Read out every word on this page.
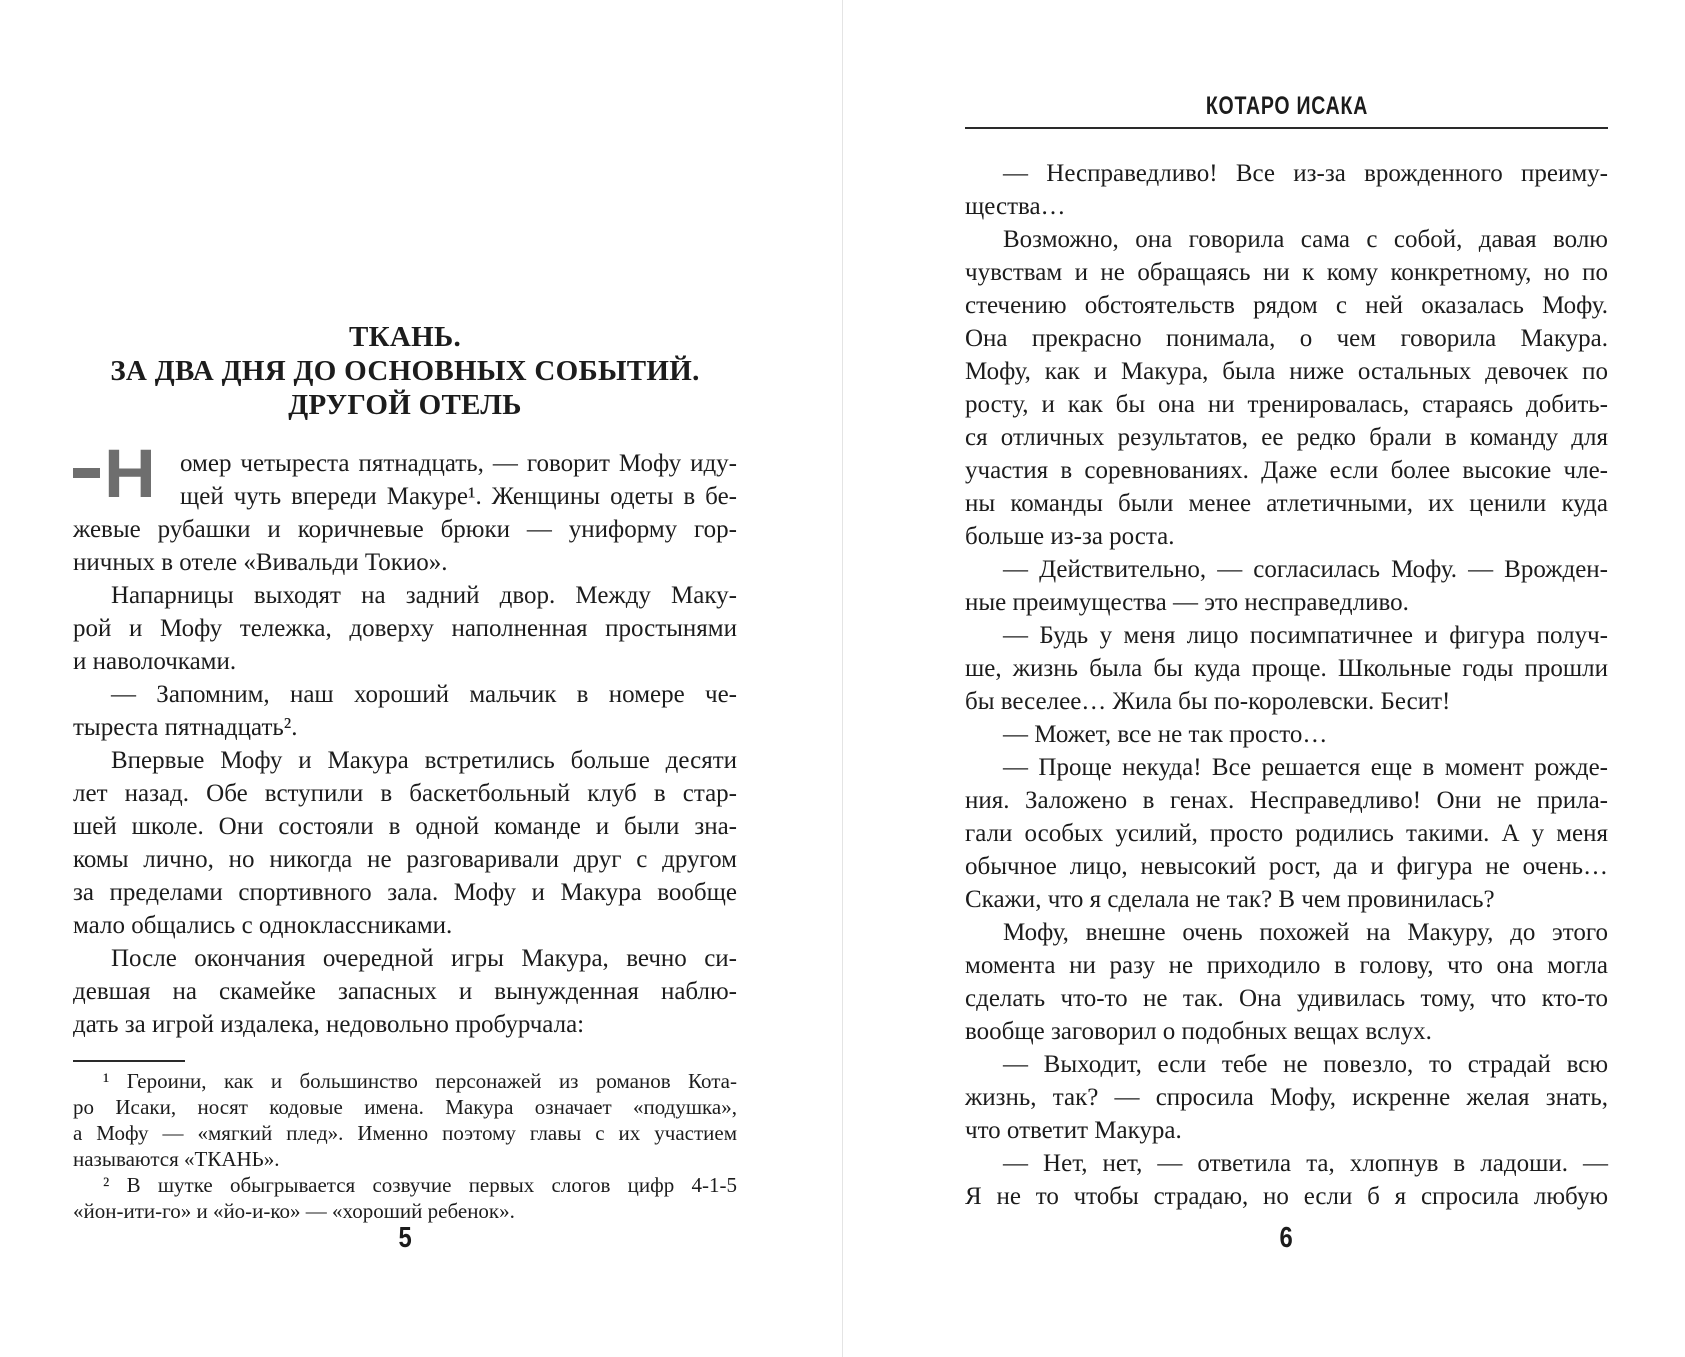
ТКАНЬ.
ЗА ДВА ДНЯ ДО ОСНОВНЫХ СОБЫТИЙ.
ДРУГОЙ ОТЕЛЬ
Н омер четыреста пятнадцать, — говорит Мофу иду-
щей чуть впереди Макуре¹. Женщины одеты в бе-
жевые рубашки и коричневые брюки — униформу гор-
ничных в отеле «Вивальди Токио».
Напарницы выходят на задний двор. Между Маку-
рой и Мофу тележка, доверху наполненная простынями
и наволочками.
— Запомним, наш хороший мальчик в номере че-
тыреста пятнадцать².
Впервые Мофу и Макура встретились больше десяти
лет назад. Обе вступили в баскетбольный клуб в стар-
шей школе. Они состояли в одной команде и были зна-
комы лично, но никогда не разговаривали друг с другом
за пределами спортивного зала. Мофу и Макура вообще
мало общались с одноклассниками.
После окончания очередной игры Макура, вечно си-
девшая на скамейке запасных и вынужденная наблю-
дать за игрой издалека, недовольно пробурчала:
¹ Героини, как и большинство персонажей из романов Кота-
ро Исаки, носят кодовые имена. Макура означает «подушка»,
а Мофу — «мягкий плед». Именно поэтому главы с их участием
называются «ТКАНЬ».
² В шутке обыгрывается созвучие первых слогов цифр 4-1-5
«йон-ити-го» и «йо-и-ко» — «хороший ребенок».
5
КОТАРО ИСАКА
— Несправедливо! Все из-за врожденного преиму-
щества…
Возможно, она говорила сама с собой, давая волю
чувствам и не обращаясь ни к кому конкретному, но по
стечению обстоятельств рядом с ней оказалась Мофу.
Она прекрасно понимала, о чем говорила Макура.
Мофу, как и Макура, была ниже остальных девочек по
росту, и как бы она ни тренировалась, стараясь добить-
ся отличных результатов, ее редко брали в команду для
участия в соревнованиях. Даже если более высокие чле-
ны команды были менее атлетичными, их ценили куда
больше из-за роста.
— Действительно, — согласилась Мофу. — Врожден-
ные преимущества — это несправедливо.
— Будь у меня лицо посимпатичнее и фигура получ-
ше, жизнь была бы куда проще. Школьные годы прошли
бы веселее… Жила бы по-королевски. Бесит!
— Может, все не так просто…
— Проще некуда! Все решается еще в момент рожде-
ния. Заложено в генах. Несправедливо! Они не прила-
гали особых усилий, просто родились такими. А у меня
обычное лицо, невысокий рост, да и фигура не очень…
Скажи, что я сделала не так? В чем провинилась?
Мофу, внешне очень похожей на Макуру, до этого
момента ни разу не приходило в голову, что она могла
сделать что-то не так. Она удивилась тому, что кто-то
вообще заговорил о подобных вещах вслух.
— Выходит, если тебе не повезло, то страдай всю
жизнь, так? — спросила Мофу, искренне желая знать,
что ответит Макура.
— Нет, нет, — ответила та, хлопнув в ладоши. —
Я не то чтобы страдаю, но если б я спросила любую
6
